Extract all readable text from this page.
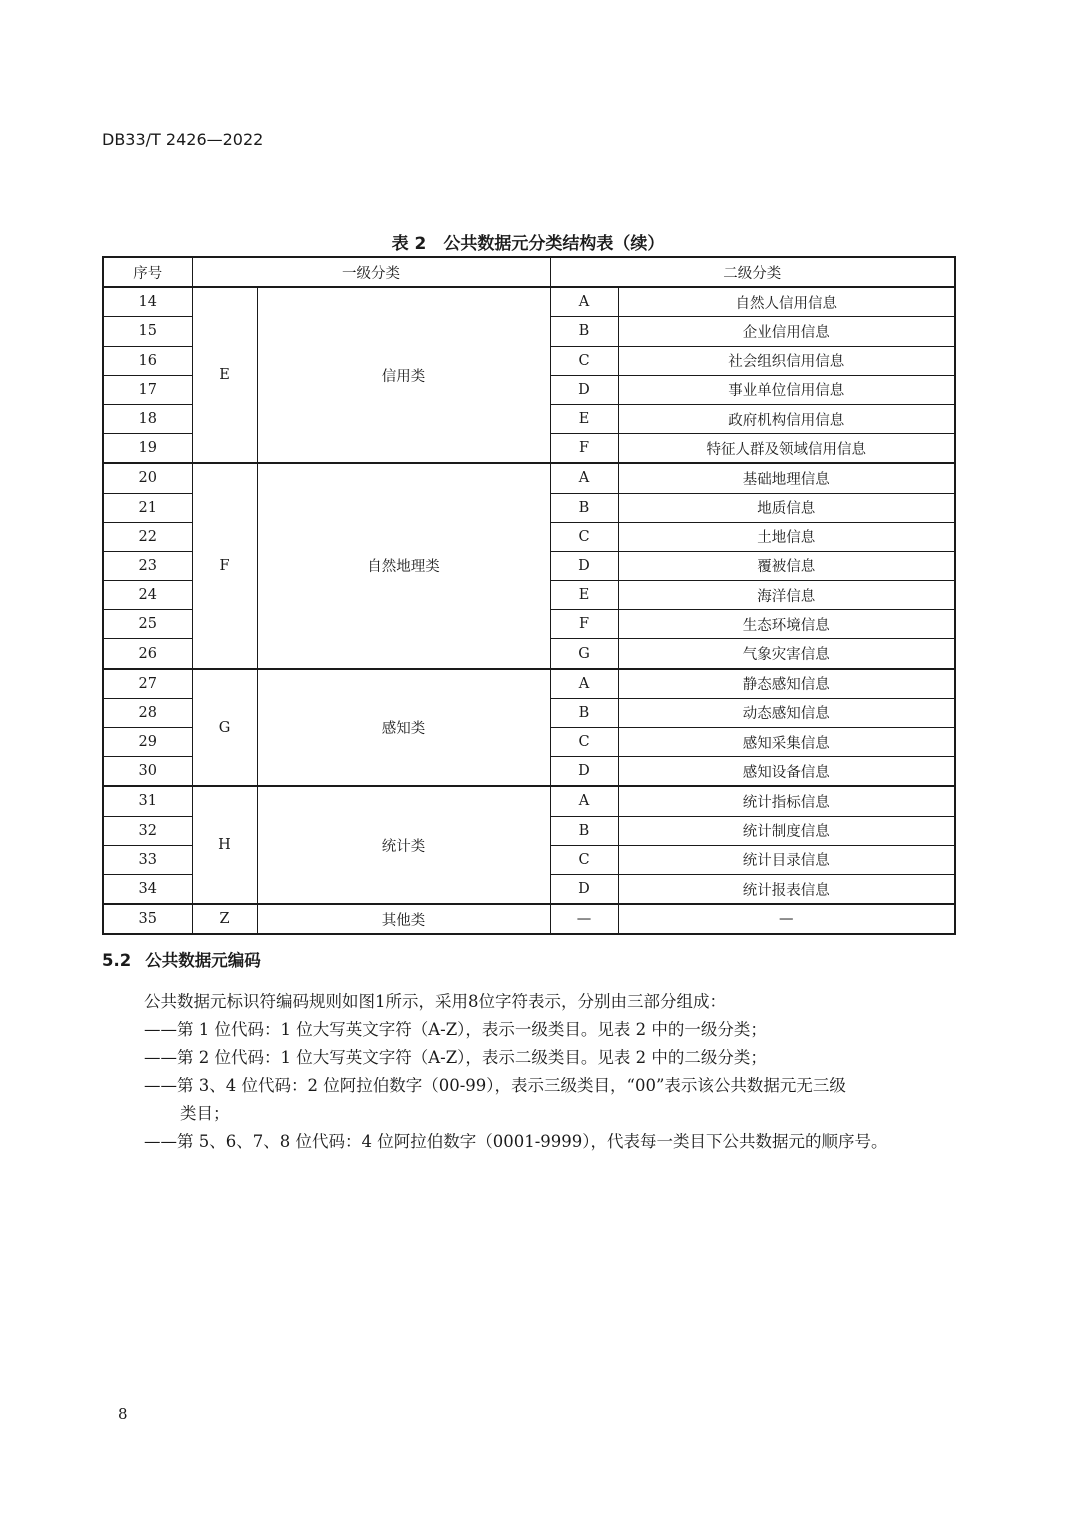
DB33/T 2426—2022
表 2　公共数据元分类结构表（续）
序号	一级分类		二级分类	
14	E	信用类	A	自然人信用信息
15			B	企业信用信息
16			C	社会组织信用信息
17			D	事业单位信用信息
18			E	政府机构信用信息
19			F	特征人群及领域信用信息
20	F	自然地理类	A	基础地理信息
21			B	地质信息
22			C	土地信息
23			D	覆被信息
24			E	海洋信息
25			F	生态环境信息
26			G	气象灾害信息
27	G	感知类	A	静态感知信息
28			B	动态感知信息
29			C	感知采集信息
30			D	感知设备信息
31	H	统计类	A	统计指标信息
32			B	统计制度信息
33			C	统计目录信息
34			D	统计报表信息
35	Z	其他类	—	—
5.2 公共数据元编码
公共数据元标识符编码规则如图1所示，采用8位字符表示，分别由三部分组成：
——第 1 位代码：1 位大写英文字符（A-Z），表示一级类目。见表 2 中的一级分类；
——第 2 位代码：1 位大写英文字符（A-Z），表示二级类目。见表 2 中的二级分类；
——第 3、4 位代码：2 位阿拉伯数字（00-99），表示三级类目，“00”表示该公共数据元无三级
类目；
——第 5、6、7、8 位代码：4 位阿拉伯数字（0001-9999），代表每一类目下公共数据元的顺序号。
8
